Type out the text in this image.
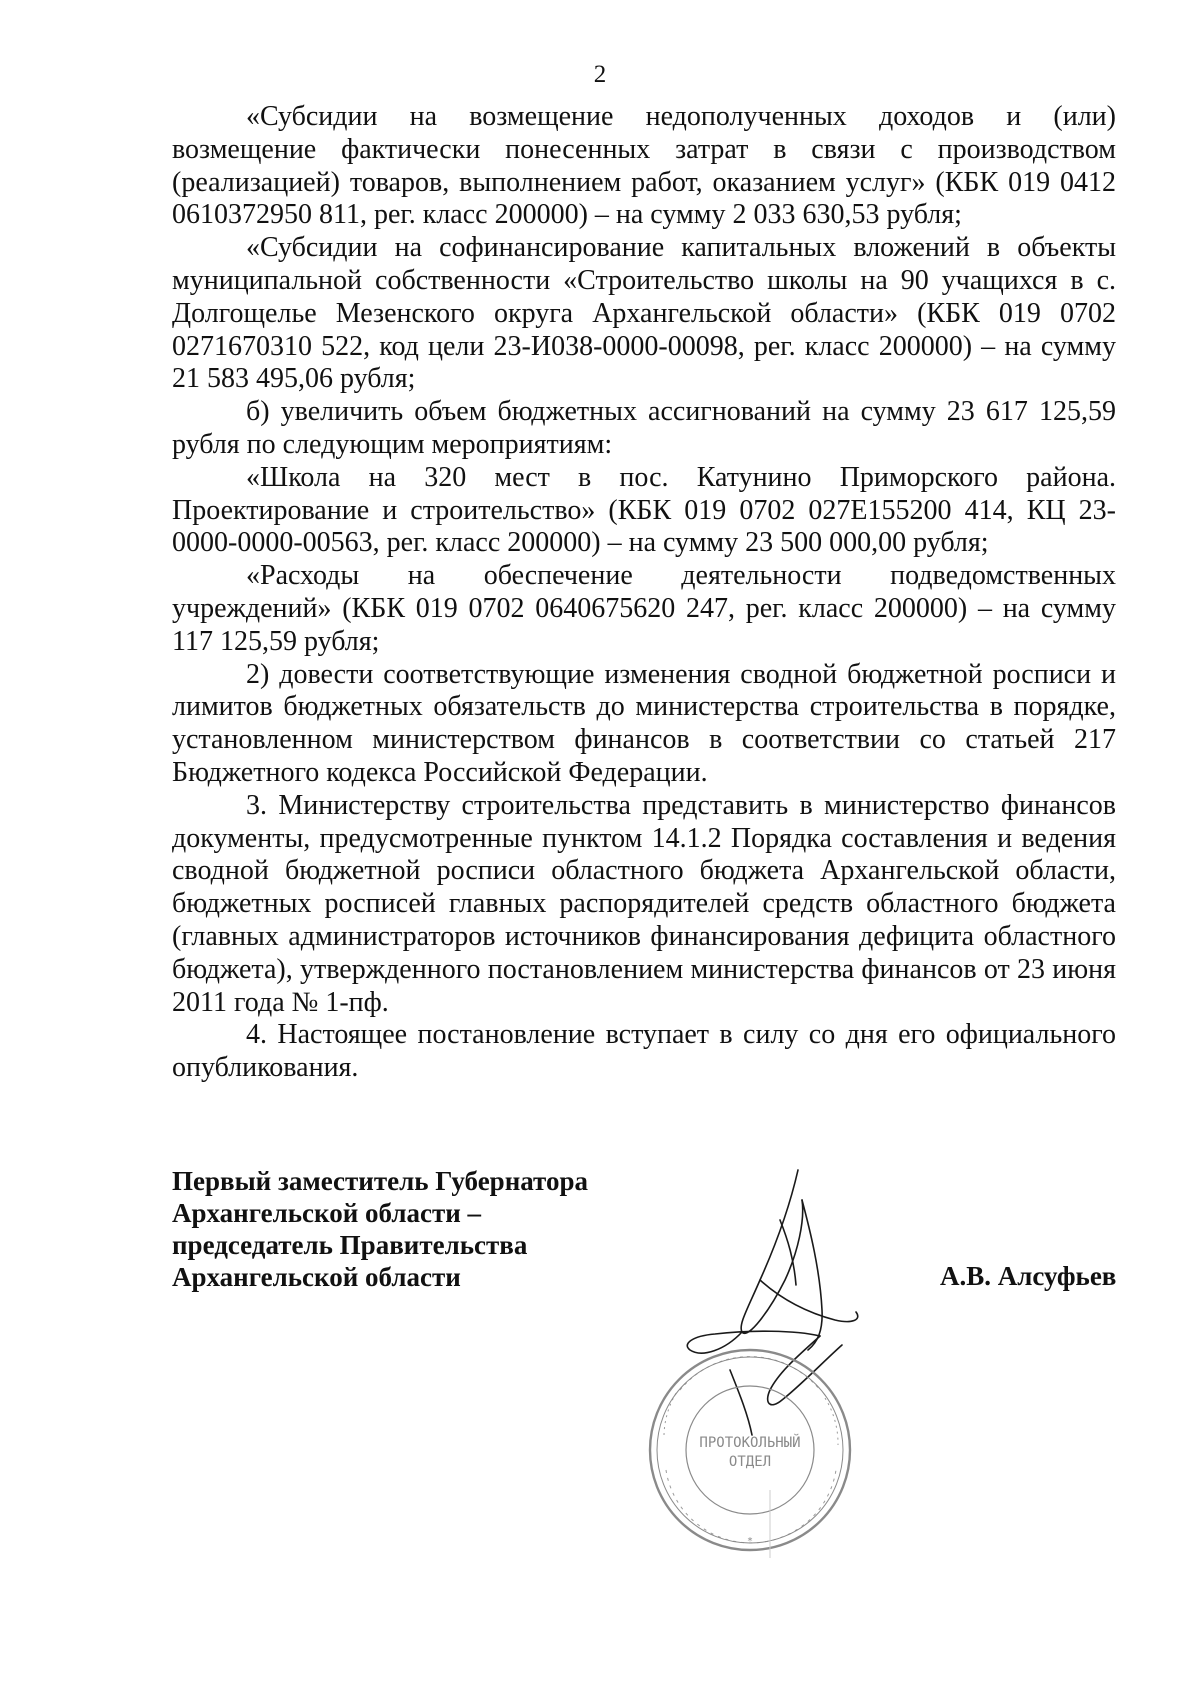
2

«Субсидии на возмещение недополученных доходов и (или) возмещение фактически понесенных затрат в связи с производством (реализацией) товаров, выполнением работ, оказанием услуг» (КБК 019 0412 0610372950 811, рег. класс 200000) – на сумму 2 033 630,53 рубля;

«Субсидии на софинансирование капитальных вложений в объекты муниципальной собственности «Строительство школы на 90 учащихся в с. Долгощелье Мезенского округа Архангельской области» (КБК 019 0702 0271670310 522, код цели 23-И038-0000-00098, рег. класс 200000) – на сумму 21 583 495,06 рубля;

б) увеличить объем бюджетных ассигнований на сумму 23 617 125,59 рубля по следующим мероприятиям:

«Школа на 320 мест в пос. Катунино Приморского района. Проектирование и строительство» (КБК 019 0702 027Е155200 414, КЦ 23-0000-0000-00563, рег. класс 200000) – на сумму 23 500 000,00 рубля;

«Расходы на обеспечение деятельности подведомственных учреждений» (КБК 019 0702 0640675620 247, рег. класс 200000) – на сумму 117 125,59 рубля;

2) довести соответствующие изменения сводной бюджетной росписи и лимитов бюджетных обязательств до министерства строительства в порядке, установленном министерством финансов в соответствии со статьей 217 Бюджетного кодекса Российской Федерации.

3. Министерству строительства представить в министерство финансов документы, предусмотренные пунктом 14.1.2 Порядка составления и ведения сводной бюджетной росписи областного бюджета Архангельской области, бюджетных росписей главных распорядителей средств областного бюджета (главных администраторов источников финансирования дефицита областного бюджета), утвержденного постановлением министерства финансов от 23 июня 2011 года № 1-пф.

4. Настоящее постановление вступает в силу со дня его официального опубликования.

Первый заместитель Губернатора
Архангельской области –
председатель Правительства
Архангельской области	А.В. Алсуфьев
ПРОТОКОЛЬНЫЙ
ОТДЕЛ
*
